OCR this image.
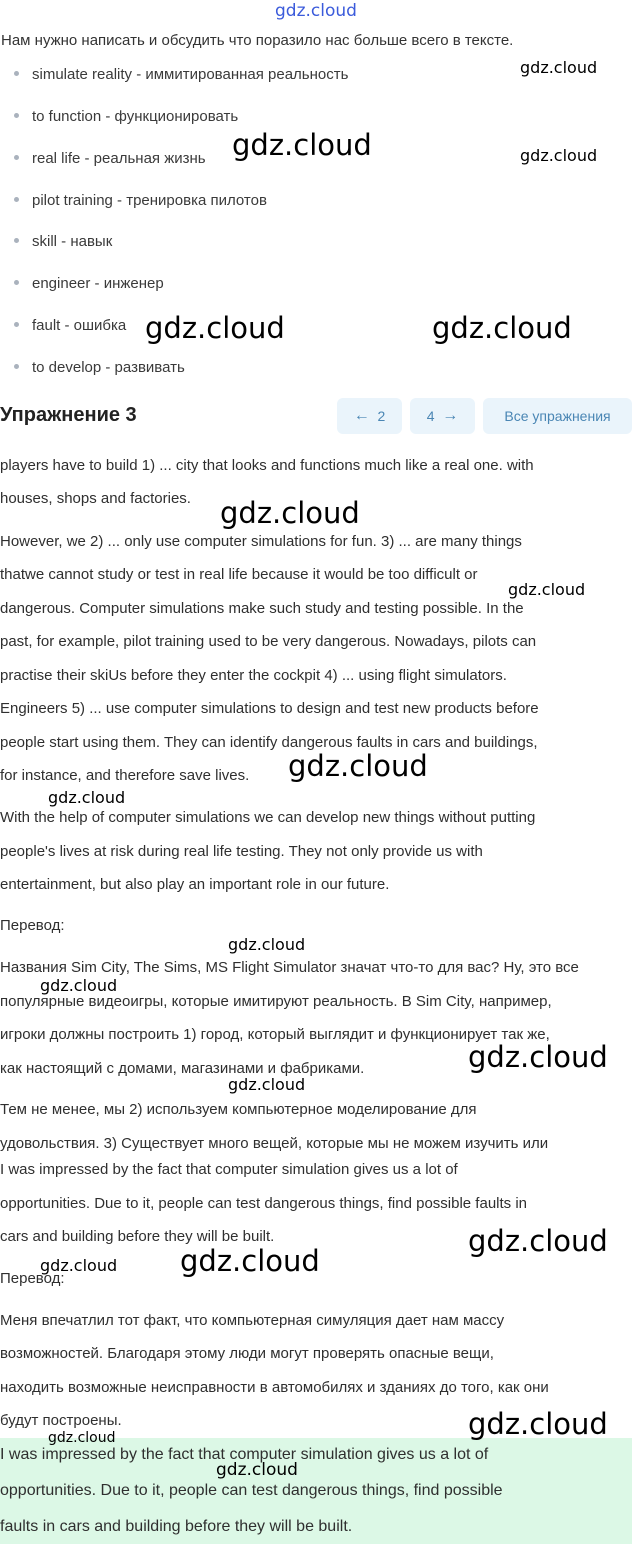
gdz.cloud
Нам нужно написать и обсудить что поразило нас больше всего в тексте.
simulate reality - иммитированная реальность
to function - функционировать
real life - реальная жизнь
pilot training - тренировка пилотов
skill - навык
engineer - инженер
fault - ошибка
to develop - развивать
Упражнение 3	←
2	4
→	Все упражнения
players have to build 1) ... city that looks and functions much like a real one. with
houses, shops and factories.
However, we 2) ... only use computer simulations for fun. 3) ... are many things
thatwe cannot study or test in real life because it would be too difficult or
dangerous. Computer simulations make such study and testing possible. In the
past, for example, pilot training used to be very dangerous. Nowadays, pilots can
practise their skiUs before they enter the cockpit 4) ... using flight simulators.
Engineers 5) ... use computer simulations to design and test new products before
people start using them. They can identify dangerous faults in cars and buildings,
for instance, and therefore save lives.
With the help of computer simulations we can develop new things without putting
people's lives at risk during real life testing. They not only provide us with
entertainment, but also play an important role in our future.
Перевод:
Названия Sim City, The Sims, MS Flight Simulator значат что-то для вас? Ну, это все
популярные видеоигры, которые имитируют реальность. В Sim City, например,
игроки должны построить 1) город, который выглядит и функционирует так же,
как настоящий с домами, магазинами и фабриками.
Тем не менее, мы 2) используем компьютерное моделирование для
удовольствия. 3) Существует много вещей, которые мы не можем изучить или
I was impressed by the fact that computer simulation gives us a lot of
opportunities. Due to it, people can test dangerous things, find possible faults in
cars and building before they will be built.
Перевод:
Меня впечатлил тот факт, что компьютерная симуляция дает нам массу
возможностей. Благодаря этому люди могут проверять опасные вещи,
находить возможные неисправности в автомобилях и зданиях до того, как они
будут построены.
I was impressed by the fact that computer simulation gives us a lot of
opportunities. Due to it, people can test dangerous things, find possible
faults in cars and building before they will be built.
gdz.cloud
gdz.cloud	gdz.cloud
gdz.cloud	gdz.cloud
gdz.cloud
gdz.cloud
gdz.cloud
gdz.cloud
gdz.cloud
gdz.cloud
gdz.cloud
gdz.cloud
gdz.cloud
gdz.cloud gdz.cloud
gdz.cloud
gdz.cloud
gdz.cloud
